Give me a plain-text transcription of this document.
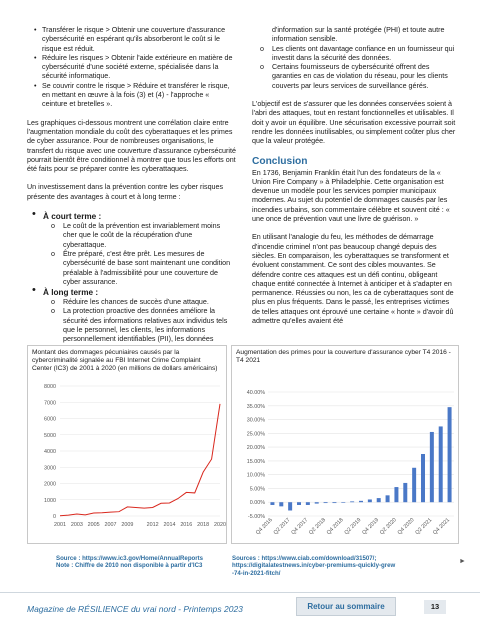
• Transférer le risque > Obtenir une couverture d'assurance cybersécurité en espérant qu'ils absorberont le coût si le risque est réduit.
• Réduire les risques > Obtenir l'aide extérieure en matière de cybersécurité d'une société externe, spécialisée dans la sécurité informatique.
• Se couvrir contre le risque > Réduire et transférer le risque, en mettant en œuvre à la fois (3) et (4) - l'approche « ceinture et bretelles ».

Les graphiques ci-dessous montrent une corrélation claire entre l'augmentation mondiale du coût des cyberattaques et les primes de cyber assurance. Pour de nombreuses organisations, le transfert du risque avec une couverture d'assurance cybersécurité pourrait bientôt être conditionnel à montrer que tous les efforts ont été faits pour se préparer contre les cyberattaques.

Un investissement dans la prévention contre les cyber risques présente des avantages à court et à long terme :

• À court terme :
o Le coût de la prévention est invariablement moins cher que le coût de la récupération d'une cyberattaque.
o Être préparé, c'est être prêt. Les mesures de cybersécurité de base sont maintenant une condition préalable à l'admissibilité pour une couverture de cyber assurance.
• À long terme :
o Réduire les chances de succès d'une attaque.
o La protection proactive des données améliore la sécurité des informations relatives aux individus tels que le personnel, les clients, les informations personnellement identifiables (PII), les données
d'information sur la santé protégée (PHI) et toute autre information sensible.
o Les clients ont davantage confiance en un fournisseur qui investit dans la sécurité des données.
o Certains fournisseurs de cybersécurité offrent des garanties en cas de violation du réseau, pour les clients couverts par leurs services de surveillance gérés.

L'objectif est de s'assurer que les données conservées soient à l'abri des attaques, tout en restant fonctionnelles et utilisables. Il doit y avoir un équilibre. Une sécurisation excessive pourrait soit rendre les données inutilisables, ou simplement coûter plus cher que la valeur protégée.

Conclusion

En 1736, Benjamin Franklin était l'un des fondateurs de la « Union Fire Company » à Philadelphie. Cette organisation est devenue un modèle pour les services pompier municipaux modernes. Au sujet du potentiel de dommages causés par les incendies urbains, son commentaire célèbre et souvent cité : « une once de prévention vaut une livre de guérison. »

En utilisant l'analogie du feu, les méthodes de démarrage d'incendie criminel n'ont pas beaucoup changé depuis des siècles. En comparaison, les cyberattaques se transforment et évoluent constamment. Ce sont des cibles mouvantes. Se défendre contre ces attaques est un défi continu, obligeant chaque entité connectée à Internet à anticiper et à s'adapter en permanence. Réussies ou non, les ca de cyberattaques sont de plus en plus fréquents. Dans le passé, les entreprises victimes de telles attaques ont éprouvé une certaine « honte » d'avoir dû admettre qu'elles avaient été

Montant des dommages pécuniaires causés par la cybercriminalité signalée au FBI Internet Crime Complaint Center (IC3) de 2001 à 2020 (en millions de dollars américains)
0
1000
2000
3000
4000
5000
6000
7000
8000
2001 2003 2005 2007 2009 2012 2014 2016 2018 2020
Augmentation des primes pour la couverture d'assurance cyber T4 2016 - T4 2021
-5.00%
0.00%
5.00%
10.00%
15.00%
20.00%
25.00%
30.00%
35.00%
40.00%
Q4 2016
Q2 2017
Q4 2017
Q2 2018
Q4 2018
Q2 2019
Q4 2019
Q2 2020
Q4 2020
Q2 2021
Q4 2021
Source : https://www.ic3.gov/Home/AnnualReports
Note : Chiffre de 2010 non disponible à partir d'IC3
Sources : https://www.ciab.com/download/31507/;
https://digitalatestnews.in/cyber-premiums-quickly-grew
-74-in-2021-fitch/
►
Magazine de RÉSILIENCE du vrai nord - Printemps 2023	Retour au sommaire	13
